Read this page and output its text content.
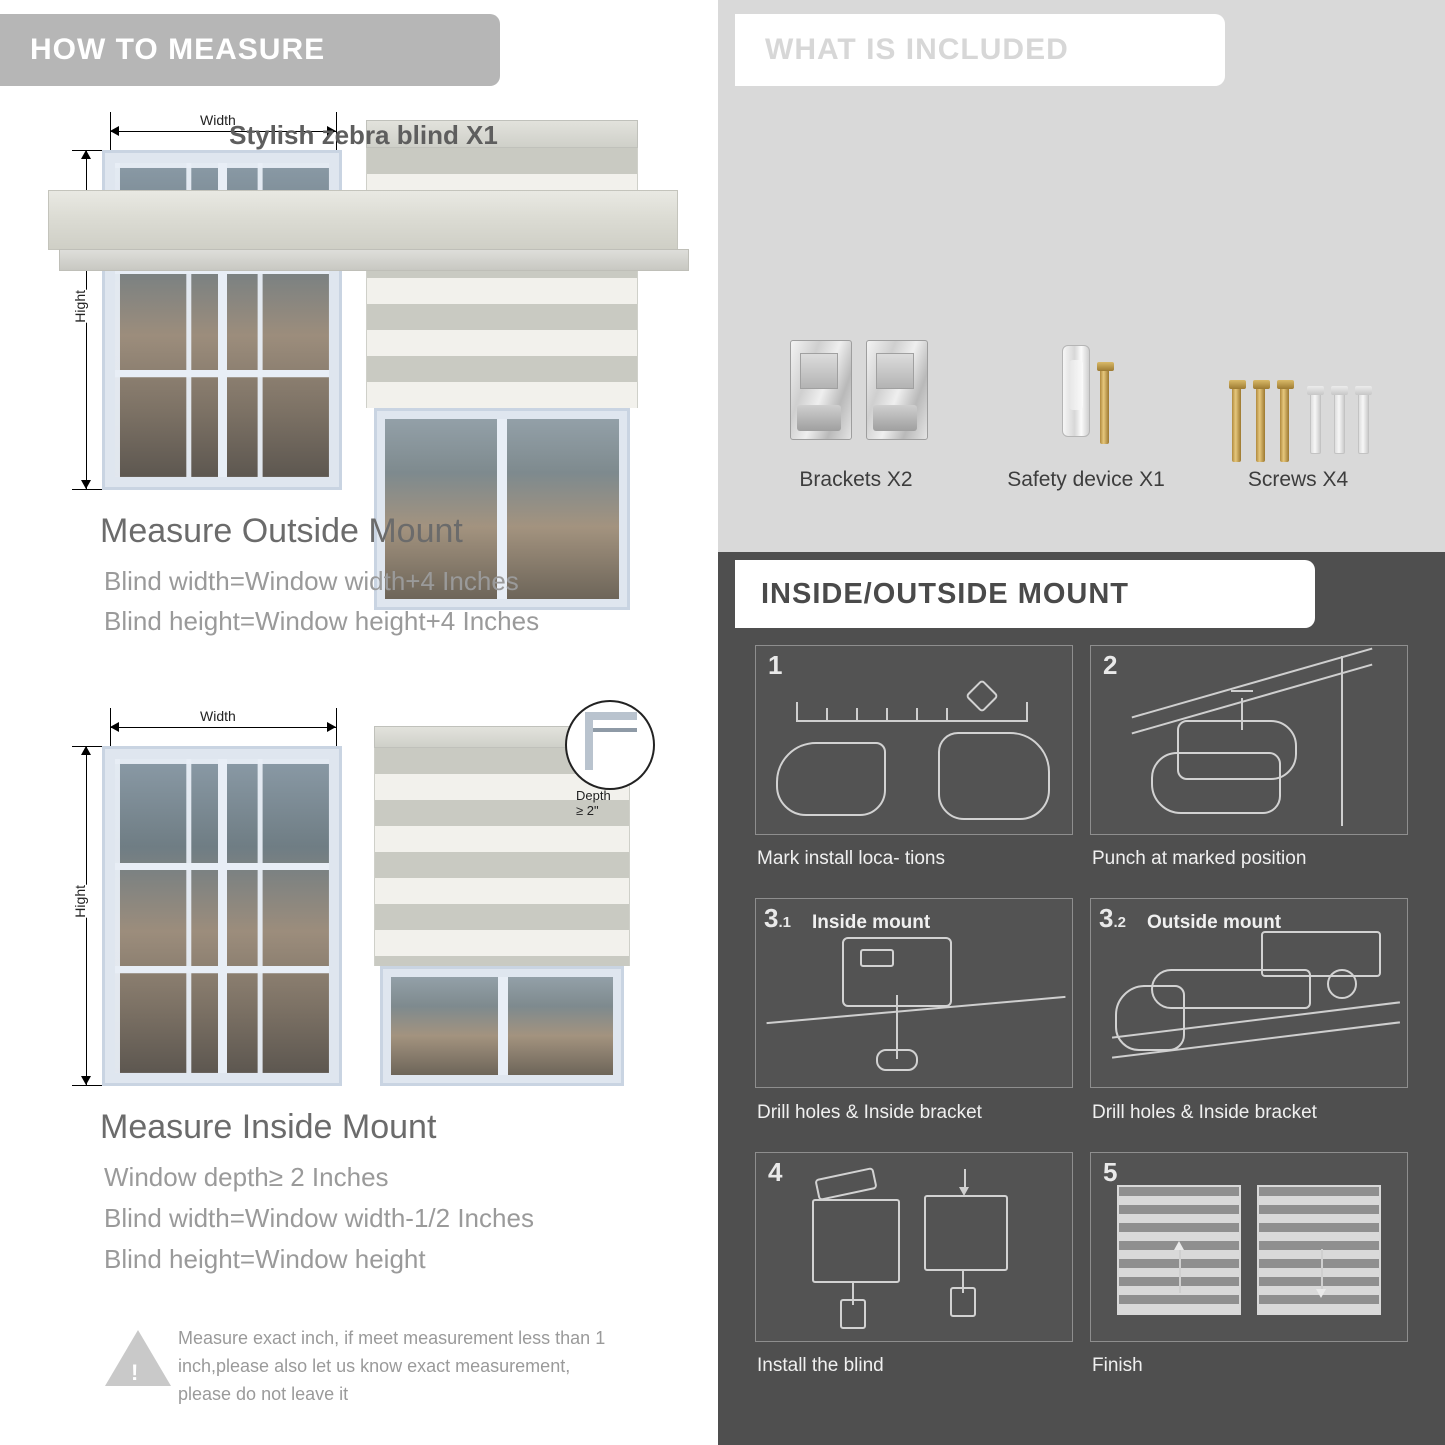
HOW TO MEASURE
Width
Hight
Measure Outside Mount
Blind width=Window width+4 Inches
Blind height=Window height+4 Inches
Width
Hight
Depth ≥ 2"
Measure Inside Mount
Window depth≥ 2 Inches
Blind width=Window width-1/2 Inches
Blind height=Window height
!
Measure exact inch, if meet measurement less than 1 inch,please also let us know exact measurement, please do not leave it
WHAT IS INCLUDED
Stylish zebra blind X1
Brackets X2	Safety device X1	Screws X4
INSIDE/OUTSIDE MOUNT
1
Mark install loca- tions
2
Punch at marked position
3.1 Inside mount
Drill holes & Inside bracket
3.2 Outside mount
Drill holes & Inside bracket
4
Install the blind
5
Finish
